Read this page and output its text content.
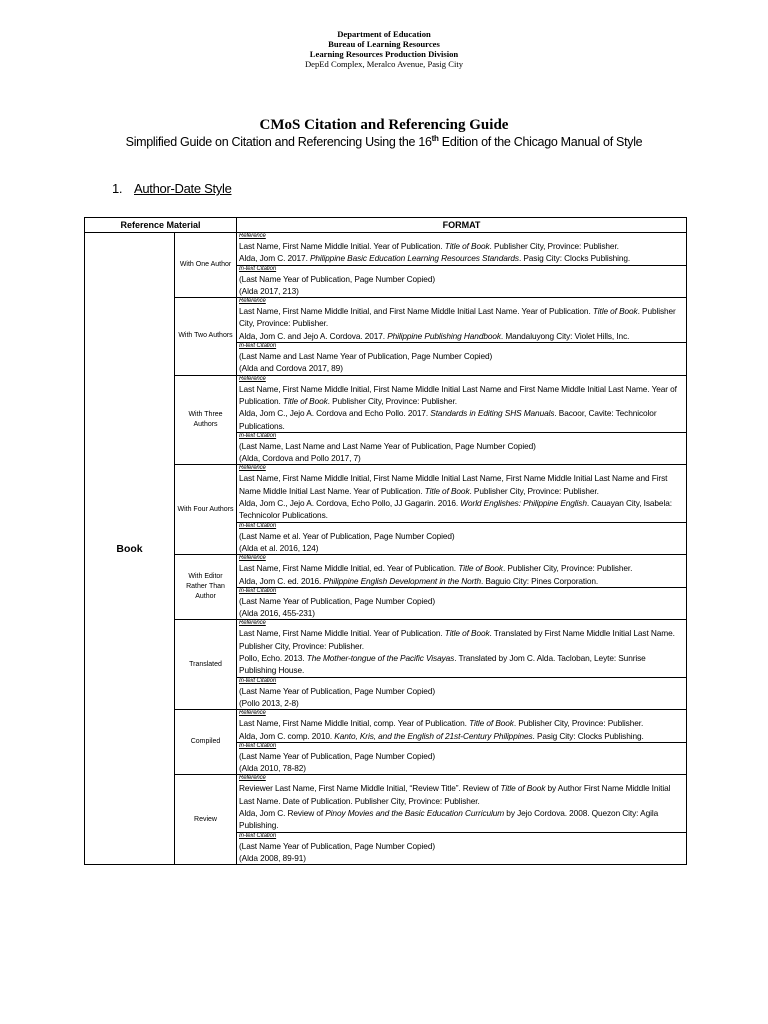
Department of Education
Bureau of Learning Resources
Learning Resources Production Division
DepEd Complex, Meralco Avenue, Pasig City
CMoS Citation and Referencing Guide
Simplified Guide on Citation and Referencing Using the 16th Edition of the Chicago Manual of Style
1. Author-Date Style
Reference Material		FORMAT
Book	With One Author	Reference
Last Name, First Name Middle Initial. Year of Publication. Title of Book. Publisher City, Province: Publisher.
Alda, Jom C. 2017. Philippine Basic Education Learning Resources Standards. Pasig City: Clocks Publishing.

		In-text Citation
(Last Name Year of Publication, Page Number Copied)
(Alda 2017, 213)

	With Two Authors	Reference
Last Name, First Name Middle Initial, and First Name Middle Initial Last Name. Year of Publication. Title of Book. Publisher City, Province: Publisher.
Alda, Jom C. and Jejo A. Cordova. 2017. Philippine Publishing Handbook. Mandaluyong City: Violet Hills, Inc.

		In-text Citation
(Last Name and Last Name Year of Publication, Page Number Copied)
(Alda and Cordova 2017, 89)

	With Three Authors	Reference
Last Name, First Name Middle Initial, First Name Middle Initial Last Name and First Name Middle Initial Last Name. Year of Publication. Title of Book. Publisher City, Province: Publisher.
Alda, Jom C., Jejo A. Cordova and Echo Pollo. 2017. Standards in Editing SHS Manuals. Bacoor, Cavite: Technicolor Publications.

		In-text Citation
(Last Name, Last Name and Last Name Year of Publication, Page Number Copied)
(Alda, Cordova and Pollo 2017, 7)

	With Four Authors	Reference
Last Name, First Name Middle Initial, First Name Middle Initial Last Name, First Name Middle Initial Last Name and First Name Middle Initial Last Name. Year of Publication. Title of Book. Publisher City, Province: Publisher.
Alda, Jom C., Jejo A. Cordova, Echo Pollo, JJ Gagarin. 2016. World Englishes: Philippine English. Cauayan City, Isabela: Technicolor Publications.

		In-text Citation
(Last Name et al. Year of Publication, Page Number Copied)
(Alda et al. 2016, 124)

	With Editor Rather Than Author	Reference
Last Name, First Name Middle Initial, ed. Year of Publication. Title of Book. Publisher City, Province: Publisher.
Alda, Jom C. ed. 2016. Philippine English Development in the North. Baguio City: Pines Corporation.

		In-text Citation
(Last Name Year of Publication, Page Number Copied)
(Alda 2016, 455-231)

	Translated	Reference
Last Name, First Name Middle Initial. Year of Publication. Title of Book. Translated by First Name Middle Initial Last Name. Publisher City, Province: Publisher.
Pollo, Echo. 2013. The Mother-tongue of the Pacific Visayas. Translated by Jom C. Alda. Tacloban, Leyte: Sunrise Publishing House.

		In-text Citation
(Last Name Year of Publication, Page Number Copied)
(Pollo 2013, 2-8)

	Compiled	Reference
Last Name, First Name Middle Initial, comp. Year of Publication. Title of Book. Publisher City, Province: Publisher.
Alda, Jom C. comp. 2010. Kanto, Kris, and the English of 21st-Century Philippines. Pasig City: Clocks Publishing.

		In-text Citation
(Last Name Year of Publication, Page Number Copied)
(Alda 2010, 78-82)

	Review	Reference
Reviewer Last Name, First Name Middle Initial, “Review Title”. Review of Title of Book by Author First Name Middle Initial Last Name. Date of Publication. Publisher City, Province: Publisher.
Alda, Jom C. Review of Pinoy Movies and the Basic Education Curriculum by Jejo Cordova. 2008. Quezon City: Agila Publishing.

		In-text Citation
(Last Name Year of Publication, Page Number Copied)
(Alda 2008, 89-91)
